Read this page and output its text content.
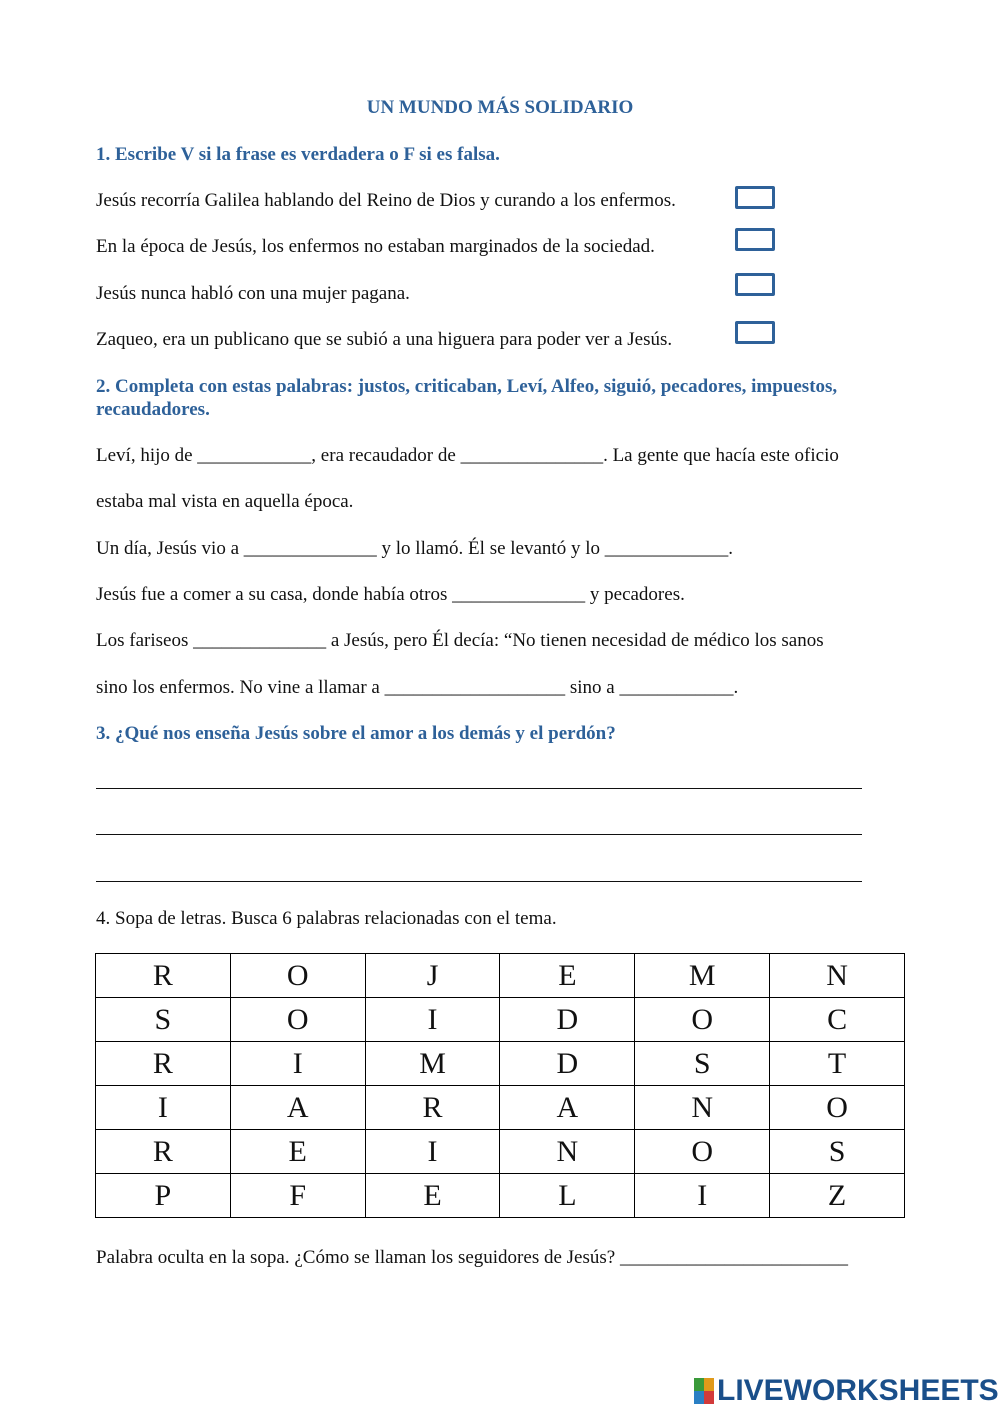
UN MUNDO MÁS SOLIDARIO
1. Escribe V si la frase es verdadera o F si es falsa.
Jesús recorría Galilea hablando del Reino de Dios y curando a los enfermos.
En la época de Jesús, los enfermos no estaban marginados de la sociedad.
Jesús nunca habló con una mujer pagana.
Zaqueo, era un publicano que se subió a una higuera para poder ver a Jesús.
2. Completa con estas palabras: justos, criticaban, Leví, Alfeo, siguió, pecadores, impuestos,
recaudadores.
Leví, hijo de ____________, era recaudador de _______________. La gente que hacía este oficio
estaba mal vista en aquella época.
Un día, Jesús vio a ______________ y lo llamó. Él se levantó y lo _____________.
Jesús fue a comer a su casa, donde había otros ______________ y pecadores.
Los fariseos ______________ a Jesús, pero Él decía: “No tienen necesidad de médico los sanos
sino los enfermos. No vine a llamar a ___________________ sino a ____________.
3. ¿Qué nos enseña Jesús sobre el amor a los demás y el perdón?
4. Sopa de letras. Busca 6 palabras relacionadas con el tema.
R	O	J	E	M	N
S	O	I	D	O	C
R	I	M	D	S	T
I	A	R	A	N	O
R	E	I	N	O	S
P	F	E	L	I	Z
Palabra oculta en la sopa. ¿Cómo se llaman los seguidores de Jesús? ________________________
LIVEWORKSHEETS
